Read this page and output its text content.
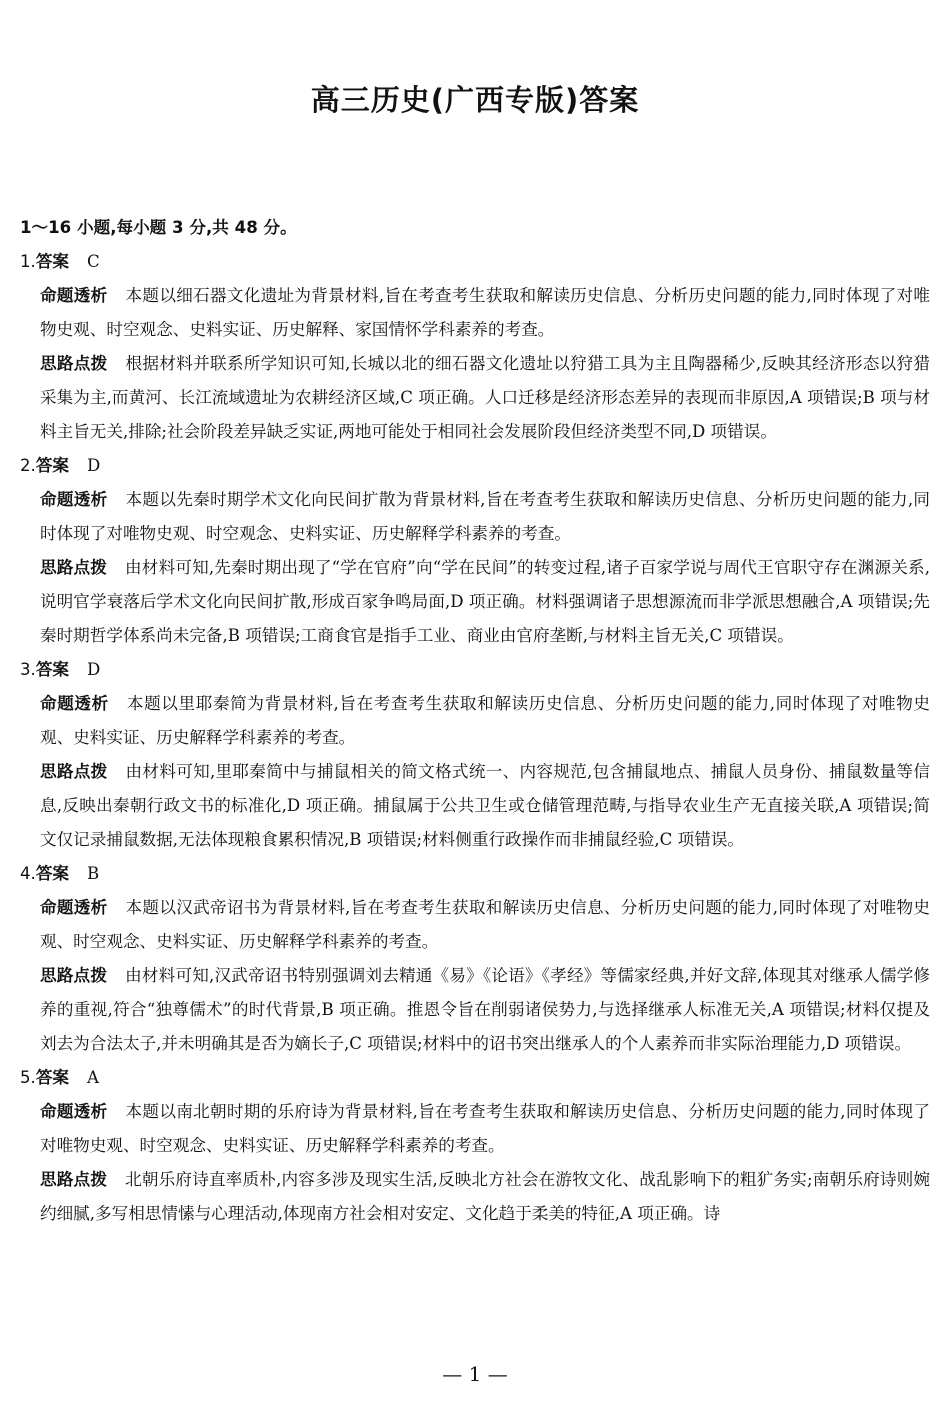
高三历史(广西专版)答案

1～16 小题,每小题 3 分,共 48 分。

1.答案 C

命题透析 本题以细石器文化遗址为背景材料,旨在考查考生获取和解读历史信息、分析历史问题的能力,同时体现了对唯物史观、时空观念、史料实证、历史解释、家国情怀学科素养的考查。

思路点拨 根据材料并联系所学知识可知,长城以北的细石器文化遗址以狩猎工具为主且陶器稀少,反映其经济形态以狩猎采集为主,而黄河、长江流域遗址为农耕经济区域,C 项正确。人口迁移是经济形态差异的表现而非原因,A 项错误;B 项与材料主旨无关,排除;社会阶段差异缺乏实证,两地可能处于相同社会发展阶段但经济类型不同,D 项错误。

2.答案 D

命题透析 本题以先秦时期学术文化向民间扩散为背景材料,旨在考查考生获取和解读历史信息、分析历史问题的能力,同时体现了对唯物史观、时空观念、史料实证、历史解释学科素养的考查。

思路点拨 由材料可知,先秦时期出现了“学在官府”向“学在民间”的转变过程,诸子百家学说与周代王官职守存在渊源关系,说明官学衰落后学术文化向民间扩散,形成百家争鸣局面,D 项正确。材料强调诸子思想源流而非学派思想融合,A 项错误;先秦时期哲学体系尚未完备,B 项错误;工商食官是指手工业、商业由官府垄断,与材料主旨无关,C 项错误。

3.答案 D

命题透析 本题以里耶秦简为背景材料,旨在考查考生获取和解读历史信息、分析历史问题的能力,同时体现了对唯物史观、史料实证、历史解释学科素养的考查。

思路点拨 由材料可知,里耶秦简中与捕鼠相关的简文格式统一、内容规范,包含捕鼠地点、捕鼠人员身份、捕鼠数量等信息,反映出秦朝行政文书的标准化,D 项正确。捕鼠属于公共卫生或仓储管理范畴,与指导农业生产无直接关联,A 项错误;简文仅记录捕鼠数据,无法体现粮食累积情况,B 项错误;材料侧重行政操作而非捕鼠经验,C 项错误。

4.答案 B

命题透析 本题以汉武帝诏书为背景材料,旨在考查考生获取和解读历史信息、分析历史问题的能力,同时体现了对唯物史观、时空观念、史料实证、历史解释学科素养的考查。

思路点拨 由材料可知,汉武帝诏书特别强调刘去精通《易》《论语》《孝经》等儒家经典,并好文辞,体现其对继承人儒学修养的重视,符合“独尊儒术”的时代背景,B 项正确。推恩令旨在削弱诸侯势力,与选择继承人标准无关,A 项错误;材料仅提及刘去为合法太子,并未明确其是否为嫡长子,C 项错误;材料中的诏书突出继承人的个人素养而非实际治理能力,D 项错误。

5.答案 A

命题透析 本题以南北朝时期的乐府诗为背景材料,旨在考查考生获取和解读历史信息、分析历史问题的能力,同时体现了对唯物史观、时空观念、史料实证、历史解释学科素养的考查。

思路点拨 北朝乐府诗直率质朴,内容多涉及现实生活,反映北方社会在游牧文化、战乱影响下的粗犷务实;南朝乐府诗则婉约细腻,多写相思情愫与心理活动,体现南方社会相对安定、文化趋于柔美的特征,A 项正确。诗

— 1 —
